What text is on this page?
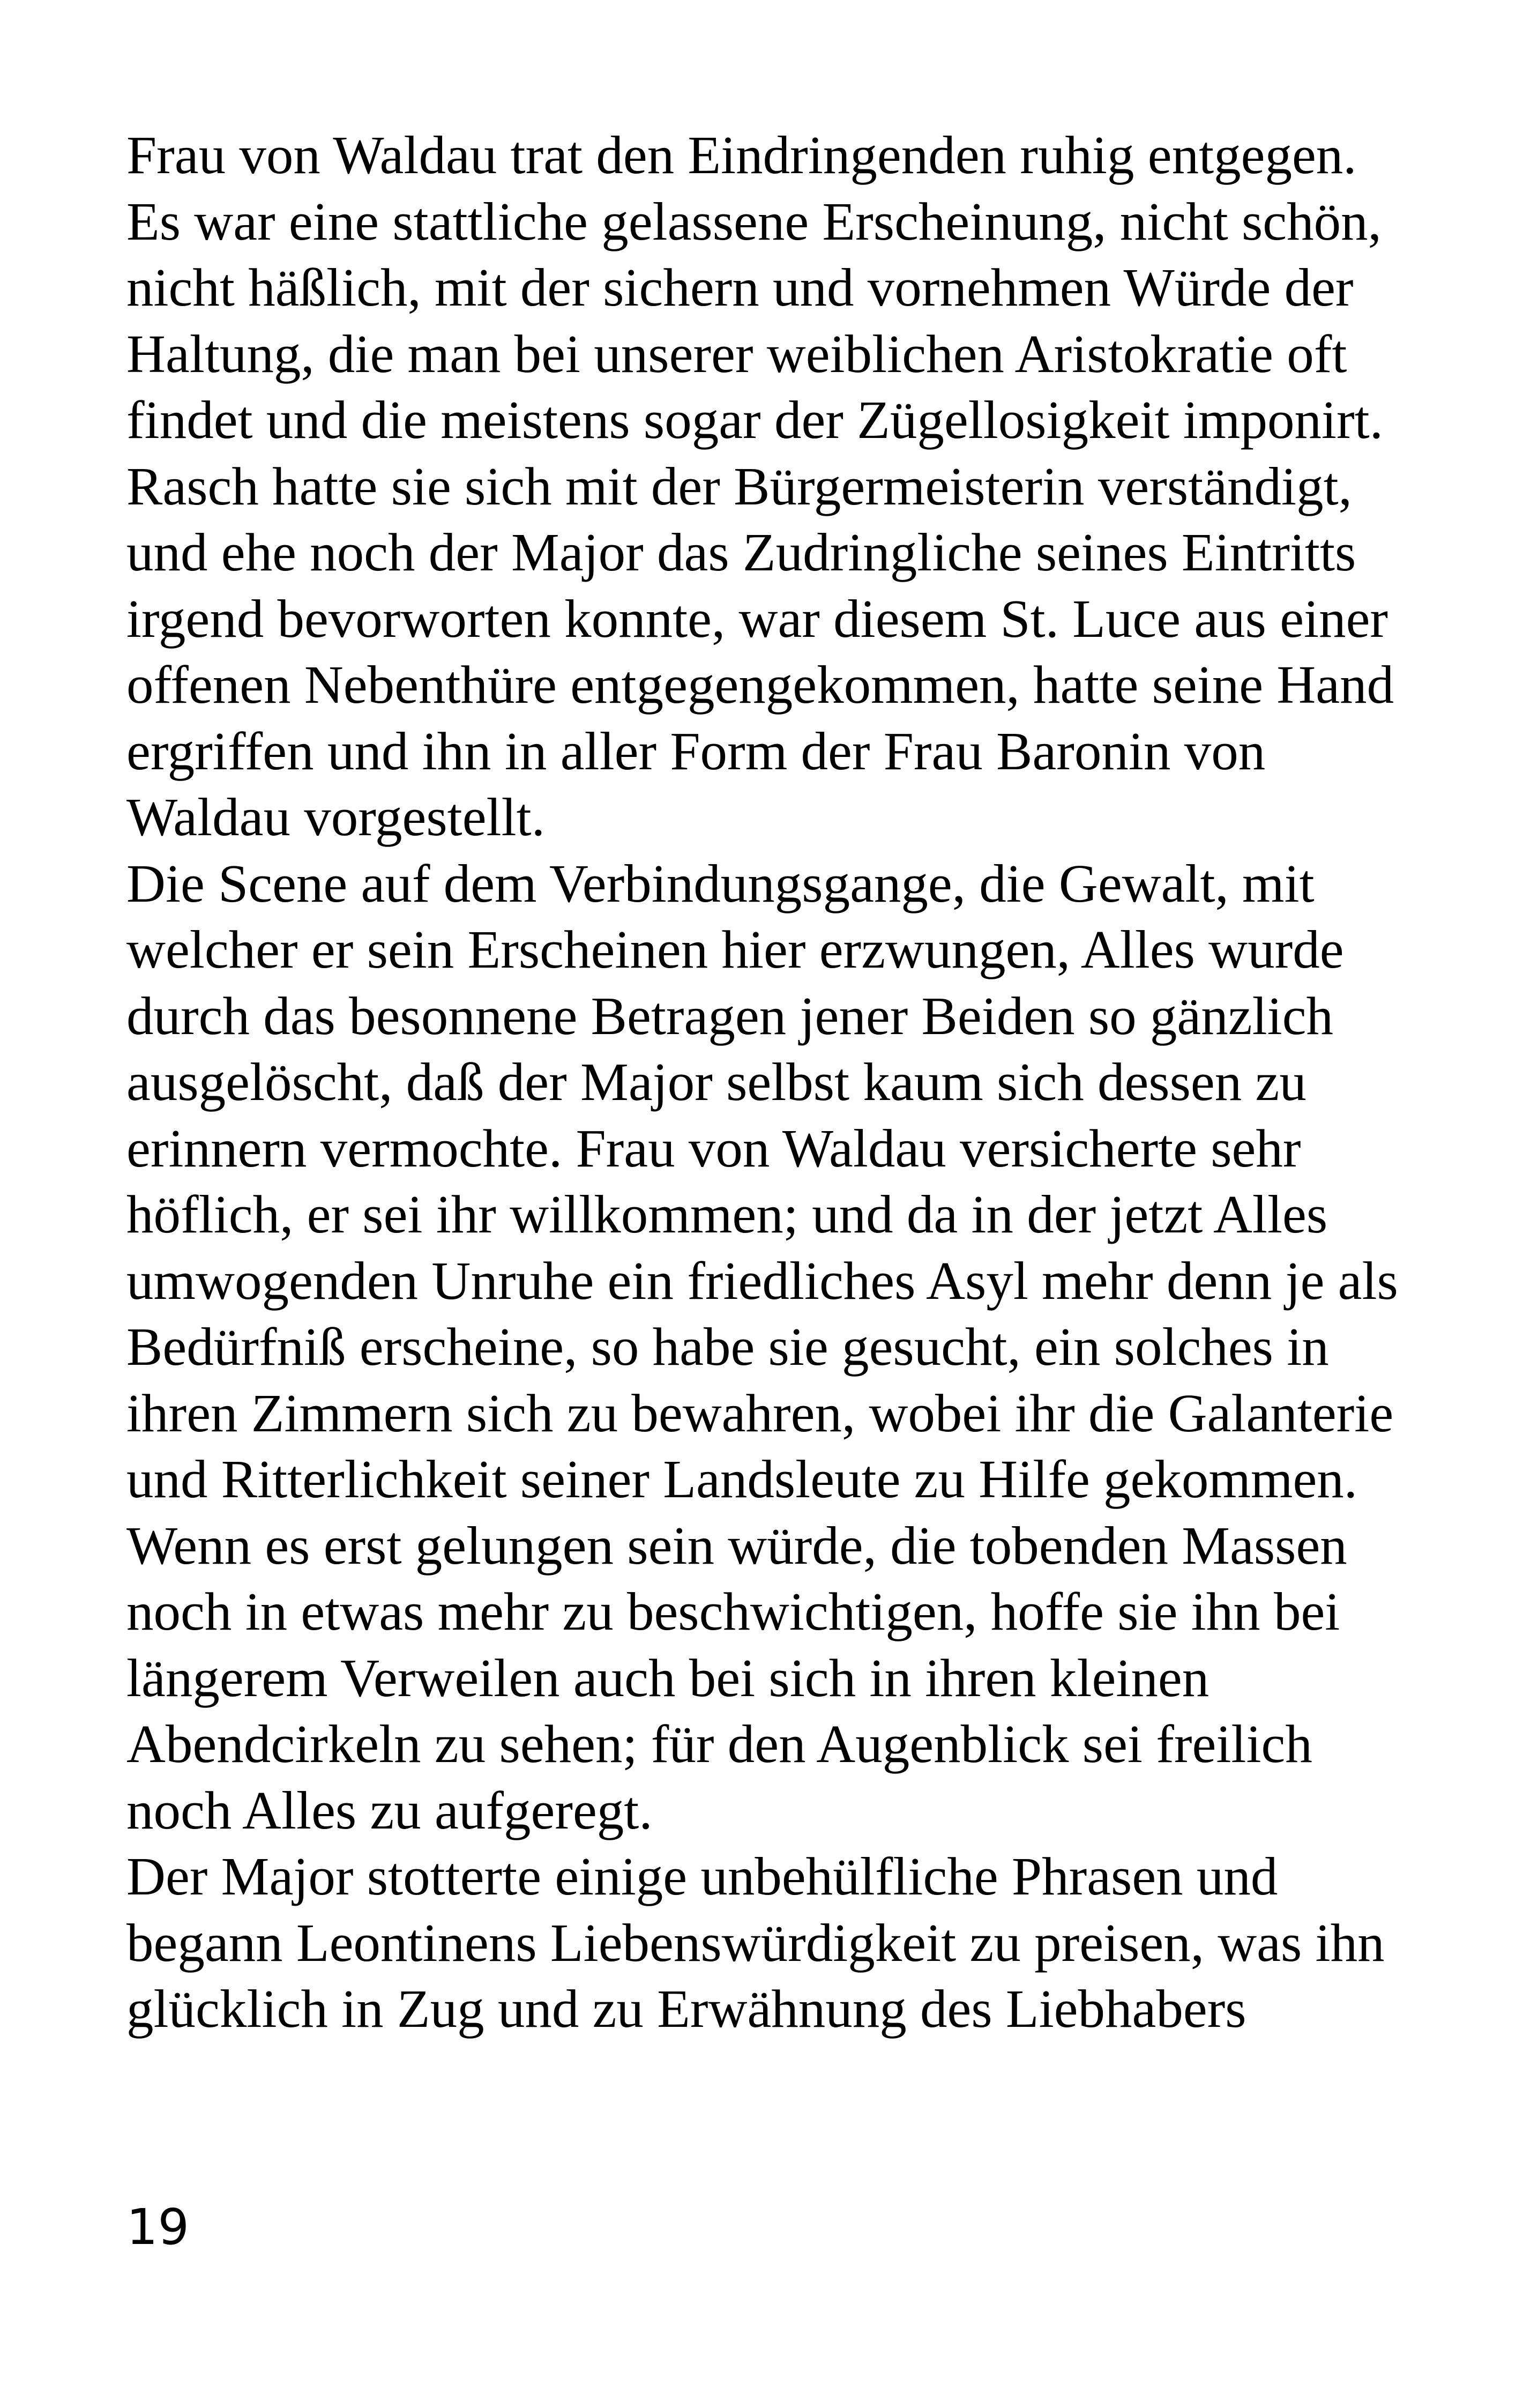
Frau von Waldau trat den Eindringenden ruhig entgegen.
Es war eine stattliche gelassene Erscheinung, nicht schön,
nicht häßlich, mit der sichern und vornehmen Würde der
Haltung, die man bei unserer weiblichen Aristokratie oft
findet und die meistens sogar der Zügellosigkeit imponirt.
Rasch hatte sie sich mit der Bürgermeisterin verständigt,
und ehe noch der Major das Zudringliche seines Eintritts
irgend bevorworten konnte, war diesem St. Luce aus einer
offenen Nebenthüre entgegengekommen, hatte seine Hand
ergriffen und ihn in aller Form der Frau Baronin von
Waldau vorgestellt.
Die Scene auf dem Verbindungsgange, die Gewalt, mit
welcher er sein Erscheinen hier erzwungen, Alles wurde
durch das besonnene Betragen jener Beiden so gänzlich
ausgelöscht, daß der Major selbst kaum sich dessen zu
erinnern vermochte. Frau von Waldau versicherte sehr
höflich, er sei ihr willkommen; und da in der jetzt Alles
umwogenden Unruhe ein friedliches Asyl mehr denn je als
Bedürfniß erscheine, so habe sie gesucht, ein solches in
ihren Zimmern sich zu bewahren, wobei ihr die Galanterie
und Ritterlichkeit seiner Landsleute zu Hilfe gekommen.
Wenn es erst gelungen sein würde, die tobenden Massen
noch in etwas mehr zu beschwichtigen, hoffe sie ihn bei
längerem Verweilen auch bei sich in ihren kleinen
Abendcirkeln zu sehen; für den Augenblick sei freilich
noch Alles zu aufgeregt.
Der Major stotterte einige unbehülfliche Phrasen und
begann Leontinens Liebenswürdigkeit zu preisen, was ihn
glücklich in Zug und zu Erwähnung des Liebhabers
19
